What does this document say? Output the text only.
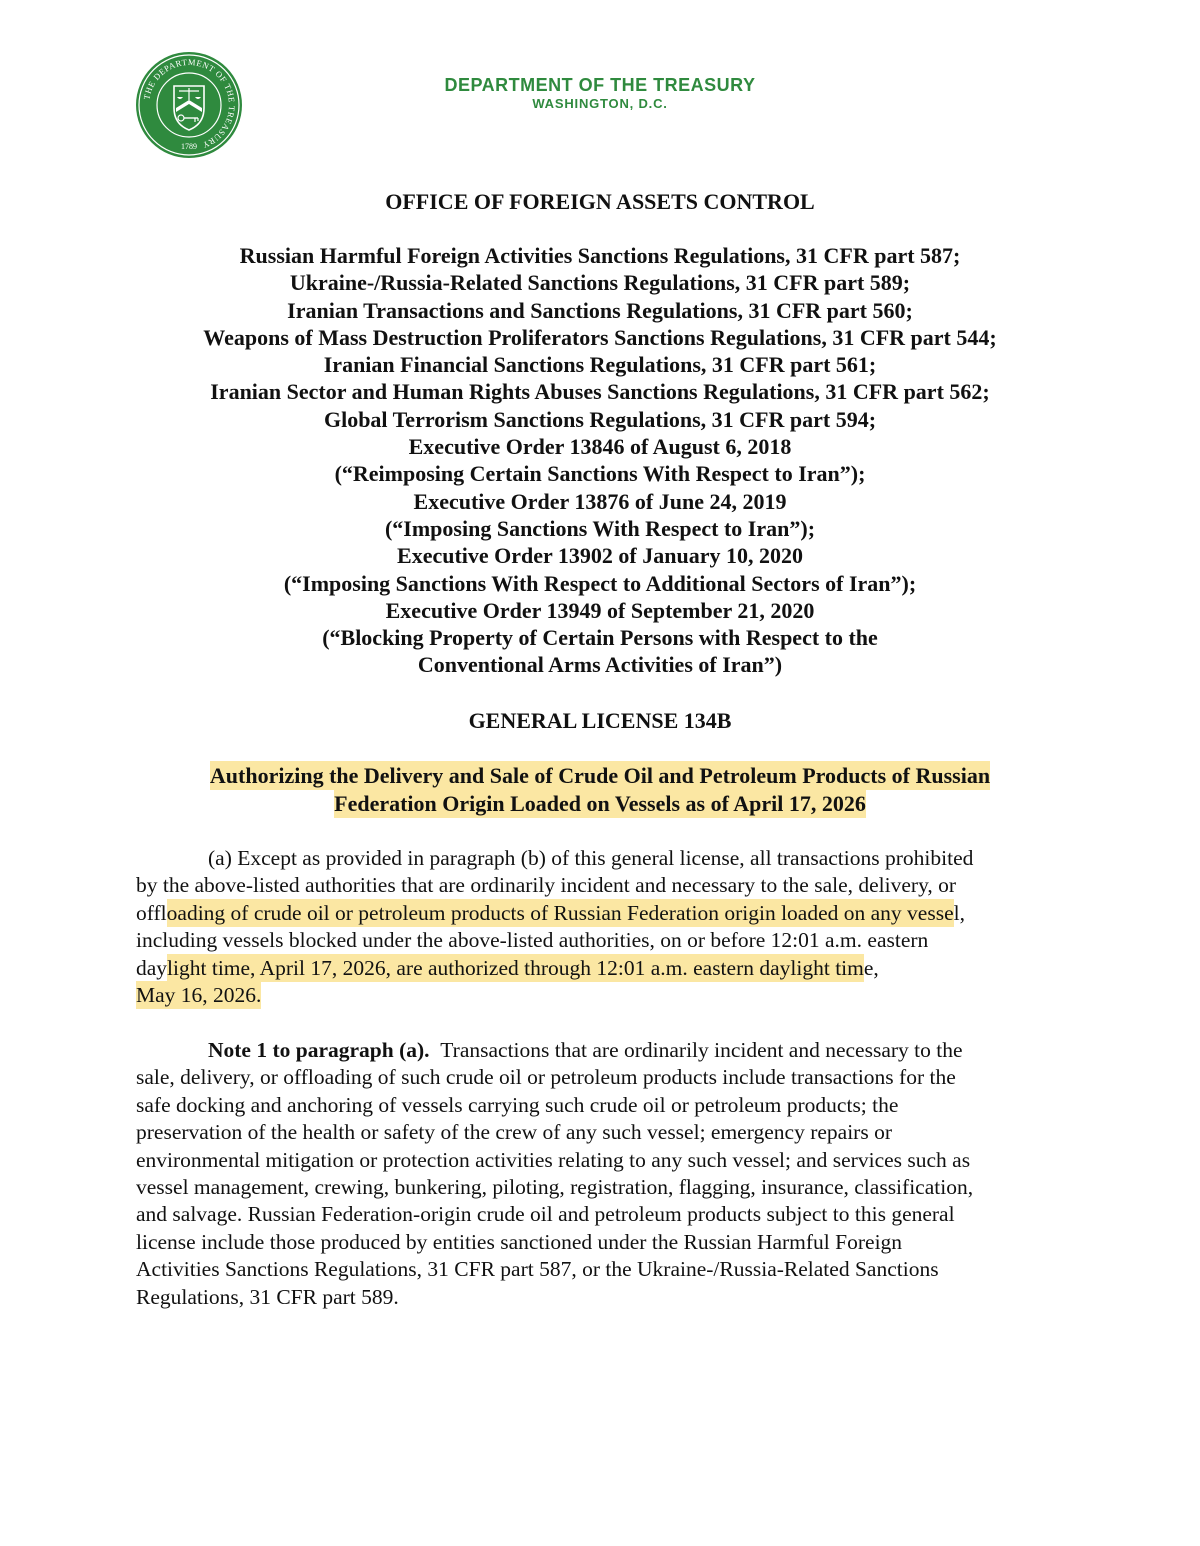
THE DEPARTMENT OF THE TREASURY
1789
DEPARTMENT OF THE TREASURY
WASHINGTON, D.C.
OFFICE OF FOREIGN ASSETS CONTROL
Russian Harmful Foreign Activities Sanctions Regulations, 31 CFR part 587;
Ukraine-/Russia-Related Sanctions Regulations, 31 CFR part 589;
Iranian Transactions and Sanctions Regulations, 31 CFR part 560;
Weapons of Mass Destruction Proliferators Sanctions Regulations, 31 CFR part 544;
Iranian Financial Sanctions Regulations, 31 CFR part 561;
Iranian Sector and Human Rights Abuses Sanctions Regulations, 31 CFR part 562;
Global Terrorism Sanctions Regulations, 31 CFR part 594;
Executive Order 13846 of August 6, 2018
(“Reimposing Certain Sanctions With Respect to Iran”);
Executive Order 13876 of June 24, 2019
(“Imposing Sanctions With Respect to Iran”);
Executive Order 13902 of January 10, 2020
(“Imposing Sanctions With Respect to Additional Sectors of Iran”);
Executive Order 13949 of September 21, 2020
(“Blocking Property of Certain Persons with Respect to the
Conventional Arms Activities of Iran”)
GENERAL LICENSE 134B
Authorizing the Delivery and Sale of Crude Oil and Petroleum Products of Russian
Federation Origin Loaded on Vessels as of April 17, 2026
(a) Except as provided in paragraph (b) of this general license, all transactions prohibited
by the above-listed authorities that are ordinarily incident and necessary to the sale, delivery, or
offloading of crude oil or petroleum products of Russian Federation origin loaded on any vessel,
including vessels blocked under the above-listed authorities, on or before 12:01 a.m. eastern
daylight time, April 17, 2026, are authorized through 12:01 a.m. eastern daylight time,
May 16, 2026.
Note 1 to paragraph (a). Transactions that are ordinarily incident and necessary to the
sale, delivery, or offloading of such crude oil or petroleum products include transactions for the
safe docking and anchoring of vessels carrying such crude oil or petroleum products; the
preservation of the health or safety of the crew of any such vessel; emergency repairs or
environmental mitigation or protection activities relating to any such vessel; and services such as
vessel management, crewing, bunkering, piloting, registration, flagging, insurance, classification,
and salvage. Russian Federation-origin crude oil and petroleum products subject to this general
license include those produced by entities sanctioned under the Russian Harmful Foreign
Activities Sanctions Regulations, 31 CFR part 587, or the Ukraine-/Russia-Related Sanctions
Regulations, 31 CFR part 589.
